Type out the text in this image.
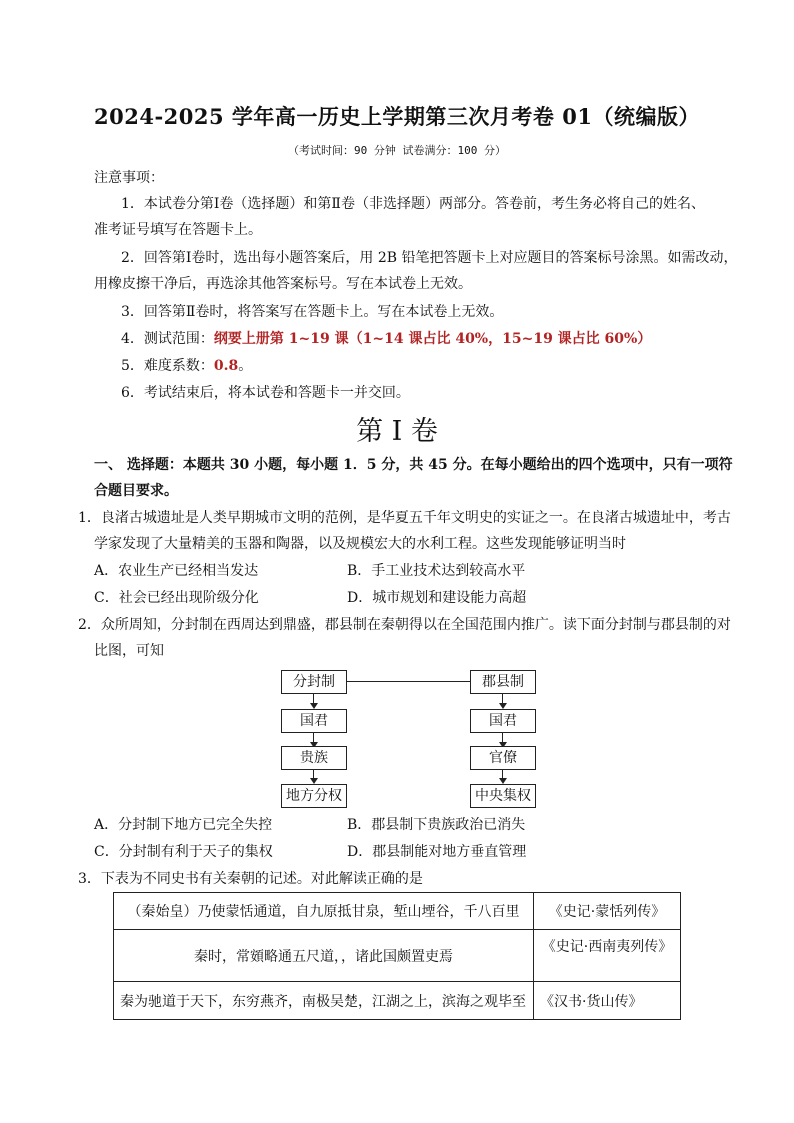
2024-2025 学年高一历史上学期第三次月考卷 01（统编版）
（考试时间：90 分钟 试卷满分：100 分）
注意事项：
1．本试卷分第Ⅰ卷（选择题）和第Ⅱ卷（非选择题）两部分。答卷前，考生务必将自己的姓名、
准考证号填写在答题卡上。
2．回答第Ⅰ卷时，选出每小题答案后，用 2B 铅笔把答题卡上对应题目的答案标号涂黑。如需改动，
用橡皮擦干净后，再选涂其他答案标号。写在本试卷上无效。
3．回答第Ⅱ卷时，将答案写在答题卡上。写在本试卷上无效。
4．测试范围：纲要上册第 1~19 课（1~14 课占比 40%，15~19 课占比 60%）
5．难度系数：0.8。
6．考试结束后，将本试卷和答题卡一并交回。
第 I 卷
一、 选择题：本题共 30 小题，每小题 1．5 分，共 45 分。在每小题给出的四个选项中，只有一项符
合题目要求。
1．良渚古城遗址是人类早期城市文明的范例，是华夏五千年文明史的实证之一。在良渚古城遗址中，考古
学家发现了大量精美的玉器和陶器，以及规模宏大的水利工程。这些发现能够证明当时
A．农业生产已经相当发达	B．手工业技术达到较高水平
C．社会已经出现阶级分化	D．城市规划和建设能力高超
2．众所周知，分封制在西周达到鼎盛，郡县制在秦朝得以在全国范围内推广。读下面分封制与郡县制的对
比图，可知
分封制
国君
贵族
地方分权
郡县制
国君
官僚
中央集权
A．分封制下地方已完全失控	B．郡县制下贵族政治已消失
C．分封制有利于天子的集权	D．郡县制能对地方垂直管理
3．下表为不同史书有关秦朝的记述。对此解读正确的是
（秦始皇）乃使蒙恬通道，自九原抵甘泉，堑山堙谷，千八百里	《史记·蒙恬列传》
秦时，常頞略通五尺道，，诸此国颇置吏焉	《史记·西南夷列传》
秦为驰道于天下，东穷燕齐，南极吴楚，江湖之上，滨海之观毕至	《汉书·货山传》
